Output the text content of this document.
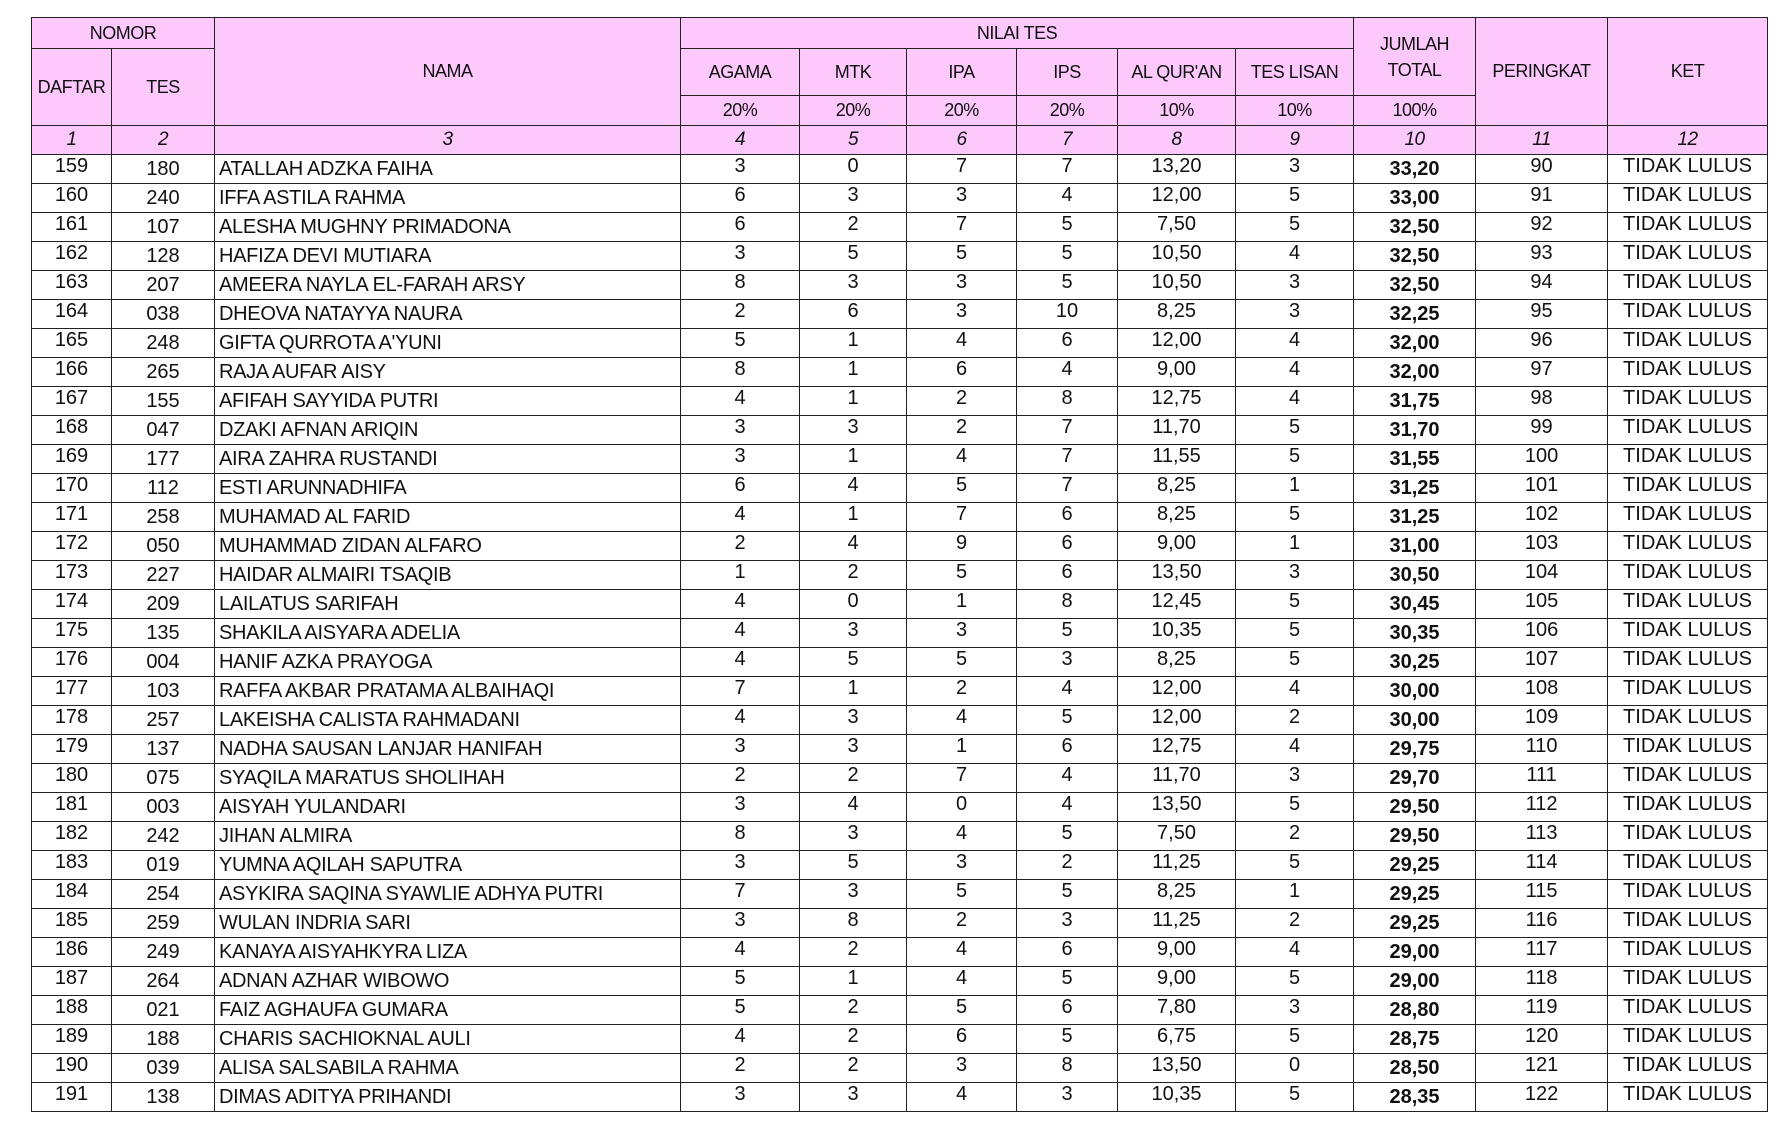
NOMOR		NAMA	NILAI TES						JUMLAH TOTAL	PERINGKAT	KET
DAFTAR	TES		AGAMA	MTK	IPA	IPS	AL QUR'AN	TES LISAN			
			20%	20%	20%	20%	10%	10%	100%		
1	2	3	4	5	6	7	8	9	10	11	12
159	180	ATALLAH ADZKA FAIHA	3	0	7	7	13,20	3	33,20	90	TIDAK LULUS
160	240	IFFA ASTILA RAHMA	6	3	3	4	12,00	5	33,00	91	TIDAK LULUS
161	107	ALESHA MUGHNY PRIMADONA	6	2	7	5	7,50	5	32,50	92	TIDAK LULUS
162	128	HAFIZA DEVI MUTIARA	3	5	5	5	10,50	4	32,50	93	TIDAK LULUS
163	207	AMEERA NAYLA EL-FARAH ARSY	8	3	3	5	10,50	3	32,50	94	TIDAK LULUS
164	038	DHEOVA NATAYYA NAURA	2	6	3	10	8,25	3	32,25	95	TIDAK LULUS
165	248	GIFTA QURROTA A'YUNI	5	1	4	6	12,00	4	32,00	96	TIDAK LULUS
166	265	RAJA AUFAR AISY	8	1	6	4	9,00	4	32,00	97	TIDAK LULUS
167	155	AFIFAH SAYYIDA PUTRI	4	1	2	8	12,75	4	31,75	98	TIDAK LULUS
168	047	DZAKI AFNAN ARIQIN	3	3	2	7	11,70	5	31,70	99	TIDAK LULUS
169	177	AIRA ZAHRA RUSTANDI	3	1	4	7	11,55	5	31,55	100	TIDAK LULUS
170	112	ESTI ARUNNADHIFA	6	4	5	7	8,25	1	31,25	101	TIDAK LULUS
171	258	MUHAMAD AL FARID	4	1	7	6	8,25	5	31,25	102	TIDAK LULUS
172	050	MUHAMMAD ZIDAN ALFARO	2	4	9	6	9,00	1	31,00	103	TIDAK LULUS
173	227	HAIDAR ALMAIRI TSAQIB	1	2	5	6	13,50	3	30,50	104	TIDAK LULUS
174	209	LAILATUS SARIFAH	4	0	1	8	12,45	5	30,45	105	TIDAK LULUS
175	135	SHAKILA AISYARA ADELIA	4	3	3	5	10,35	5	30,35	106	TIDAK LULUS
176	004	HANIF AZKA PRAYOGA	4	5	5	3	8,25	5	30,25	107	TIDAK LULUS
177	103	RAFFA AKBAR PRATAMA ALBAIHAQI	7	1	2	4	12,00	4	30,00	108	TIDAK LULUS
178	257	LAKEISHA CALISTA RAHMADANI	4	3	4	5	12,00	2	30,00	109	TIDAK LULUS
179	137	NADHA SAUSAN LANJAR HANIFAH	3	3	1	6	12,75	4	29,75	110	TIDAK LULUS
180	075	SYAQILA MARATUS SHOLIHAH	2	2	7	4	11,70	3	29,70	111	TIDAK LULUS
181	003	AISYAH YULANDARI	3	4	0	4	13,50	5	29,50	112	TIDAK LULUS
182	242	JIHAN ALMIRA	8	3	4	5	7,50	2	29,50	113	TIDAK LULUS
183	019	YUMNA AQILAH SAPUTRA	3	5	3	2	11,25	5	29,25	114	TIDAK LULUS
184	254	ASYKIRA SAQINA SYAWLIE ADHYA PUTRI	7	3	5	5	8,25	1	29,25	115	TIDAK LULUS
185	259	WULAN INDRIA SARI	3	8	2	3	11,25	2	29,25	116	TIDAK LULUS
186	249	KANAYA AISYAHKYRA LIZA	4	2	4	6	9,00	4	29,00	117	TIDAK LULUS
187	264	ADNAN AZHAR WIBOWO	5	1	4	5	9,00	5	29,00	118	TIDAK LULUS
188	021	FAIZ AGHAUFA GUMARA	5	2	5	6	7,80	3	28,80	119	TIDAK LULUS
189	188	CHARIS SACHIOKNAL AULI	4	2	6	5	6,75	5	28,75	120	TIDAK LULUS
190	039	ALISA SALSABILA RAHMA	2	2	3	8	13,50	0	28,50	121	TIDAK LULUS
191	138	DIMAS ADITYA PRIHANDI	3	3	4	3	10,35	5	28,35	122	TIDAK LULUS
